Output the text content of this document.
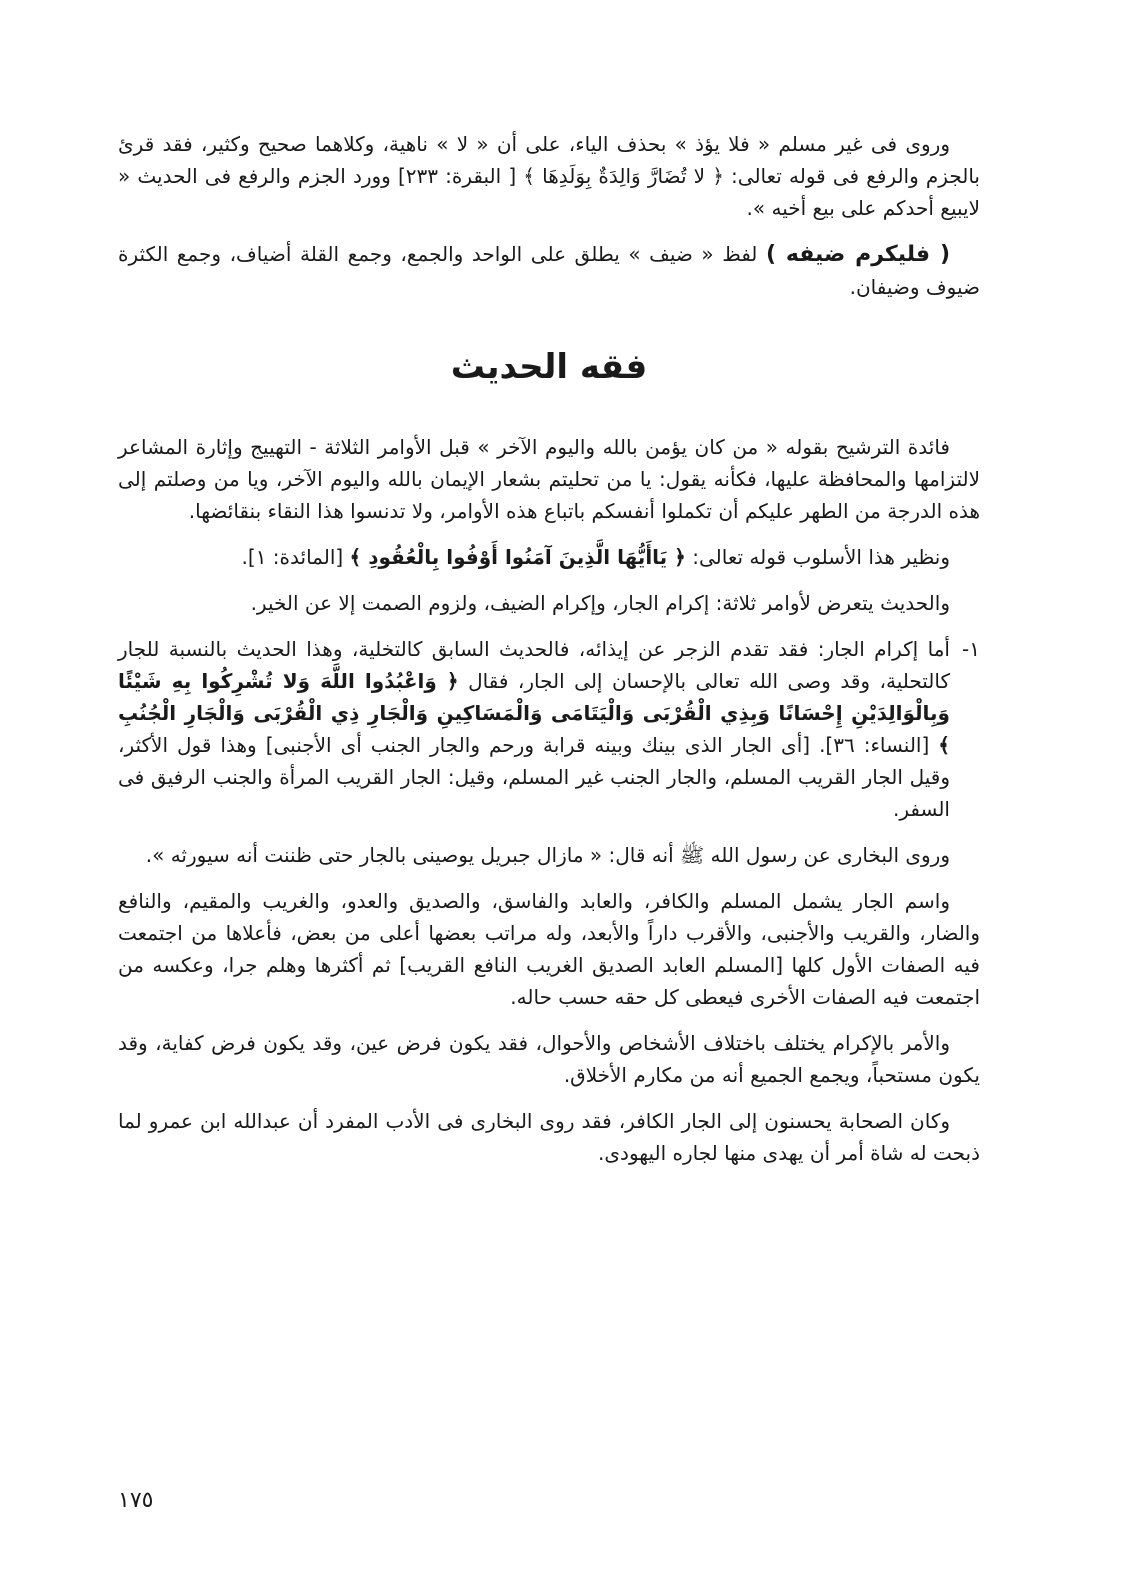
وروى فى غير مسلم « فلا يؤذ » بحذف الياء، على أن « لا » ناهية، وكلاهما صحيح وكثير، فقد قرئ بالجزم والرفع فى قوله تعالى: ﴿ لا تُضَارَّ وَالِدَةٌ بِوَلَدِهَا ﴾ [ البقرة: ٢٣٣] وورد الجزم والرفع فى الحديث « لايبيع أحدكم على بيع أخيه ».

( فليكرم ضيفه ) لفظ « ضيف » يطلق على الواحد والجمع، وجمع القلة أضياف، وجمع الكثرة ضيوف وضيفان.

فقه الحديث

فائدة الترشيح بقوله « من كان يؤمن بالله واليوم الآخر » قبل الأوامر الثلاثة - التهييج وإثارة المشاعر لالتزامها والمحافظة عليها، فكأنه يقول: يا من تحليتم بشعار الإيمان بالله واليوم الآخر، ويا من وصلتم إلى هذه الدرجة من الطهر عليكم أن تكملوا أنفسكم باتباع هذه الأوامر، ولا تدنسوا هذا النقاء بنقائضها.

ونظير هذا الأسلوب قوله تعالى: ﴿ يَاأَيُّهَا الَّذِينَ آمَنُوا أَوْفُوا بِالْعُقُودِ ﴾ [المائدة: ١].

والحديث يتعرض لأوامر ثلاثة: إكرام الجار، وإكرام الضيف، ولزوم الصمت إلا عن الخير.

١-
أما إكرام الجار: فقد تقدم الزجر عن إيذائه، فالحديث السابق كالتخلية، وهذا الحديث بالنسبة للجار كالتحلية، وقد وصى الله تعالى بالإحسان إلى الجار، فقال ﴿ وَاعْبُدُوا اللَّهَ وَلا تُشْرِكُوا بِهِ شَيْئًا وَبِالْوَالِدَيْنِ إِحْسَانًا وَبِذِي الْقُرْبَى وَالْيَتَامَى وَالْمَسَاكِينِ وَالْجَارِ ذِي الْقُرْبَى وَالْجَارِ الْجُنُبِ ﴾ [النساء: ٣٦]. [أى الجار الذى بينك وبينه قرابة ورحم والجار الجنب أى الأجنبى] وهذا قول الأكثر، وقيل الجار القريب المسلم، والجار الجنب غير المسلم، وقيل: الجار القريب المرأة والجنب الرفيق فى السفر.

وروى البخارى عن رسول الله ﷺ أنه قال: « مازال جبريل يوصينى بالجار حتى ظننت أنه سيورثه ».

واسم الجار يشمل المسلم والكافر، والعابد والفاسق، والصديق والعدو، والغريب والمقيم، والنافع والضار، والقريب والأجنبى، والأقرب داراً والأبعد، وله مراتب بعضها أعلى من بعض، فأعلاها من اجتمعت فيه الصفات الأول كلها [المسلم العابد الصديق الغريب النافع القريب] ثم أكثرها وهلم جرا، وعكسه من اجتمعت فيه الصفات الأخرى فيعطى كل حقه حسب حاله.

والأمر بالإكرام يختلف باختلاف الأشخاص والأحوال، فقد يكون فرض عين، وقد يكون فرض كفاية، وقد يكون مستحباً، ويجمع الجميع أنه من مكارم الأخلاق.

وكان الصحابة يحسنون إلى الجار الكافر، فقد روى البخارى فى الأدب المفرد أن عبدالله ابن عمرو لما ذبحت له شاة أمر أن يهدى منها لجاره اليهودى.

١٧٥
